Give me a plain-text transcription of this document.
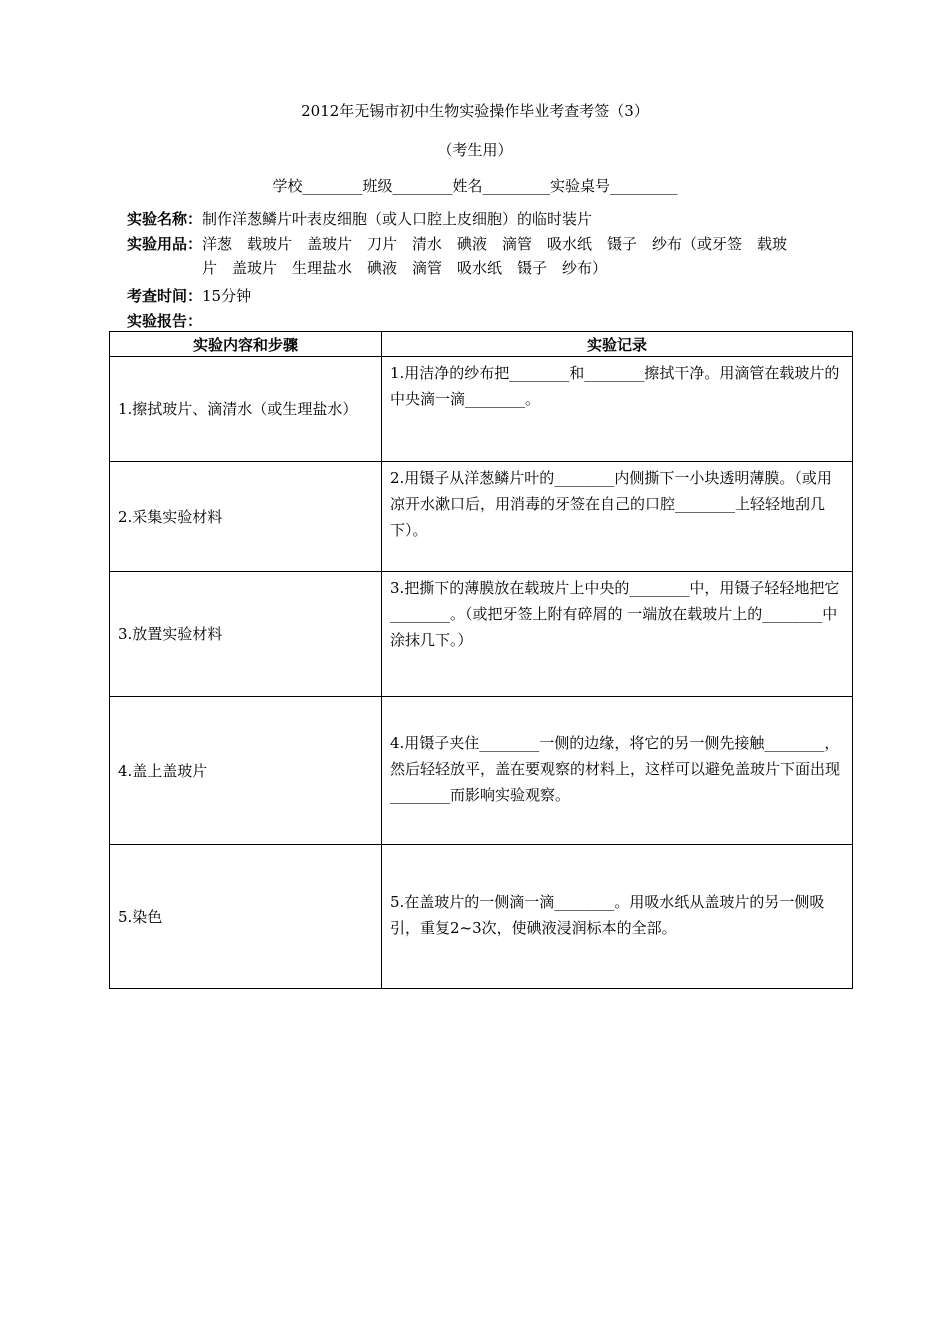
2012年无锡市初中生物实验操作毕业考查考签（3）
（考生用）
学校________班级________姓名_________实验桌号_________
实验名称：制作洋葱鳞片叶表皮细胞（或人口腔上皮细胞）的临时装片
实验用品：洋葱　载玻片　盖玻片　刀片　清水　碘液　滴管　吸水纸　镊子　纱布（或牙签　载玻
片　盖玻片　生理盐水　碘液　滴管　吸水纸　镊子　纱布）
考查时间：15分钟
实验报告：
实验内容和步骤	实验记录
1.擦拭玻片、滴清水（或生理盐水）	1.用洁净的纱布把________和________擦拭干净。用滴管在载玻片的中央滴一滴________。
2.采集实验材料	2.用镊子从洋葱鳞片叶的________内侧撕下一小块透明薄膜。（或用凉开水漱口后，用消毒的牙签在自己的口腔________上轻轻地刮几下）。
3.放置实验材料	3.把撕下的薄膜放在载玻片上中央的________中，用镊子轻轻地把它________。（或把牙签上附有碎屑的 一端放在载玻片上的________中涂抹几下。）
4.盖上盖玻片	4.用镊子夹住________一侧的边缘，将它的另一侧先接触________，然后轻轻放平，盖在要观察的材料上，这样可以避免盖玻片下面出现________而影响实验观察。
5.染色	5.在盖玻片的一侧滴一滴________。用吸水纸从盖玻片的另一侧吸引，重复2~3次，使碘液浸润标本的全部。
